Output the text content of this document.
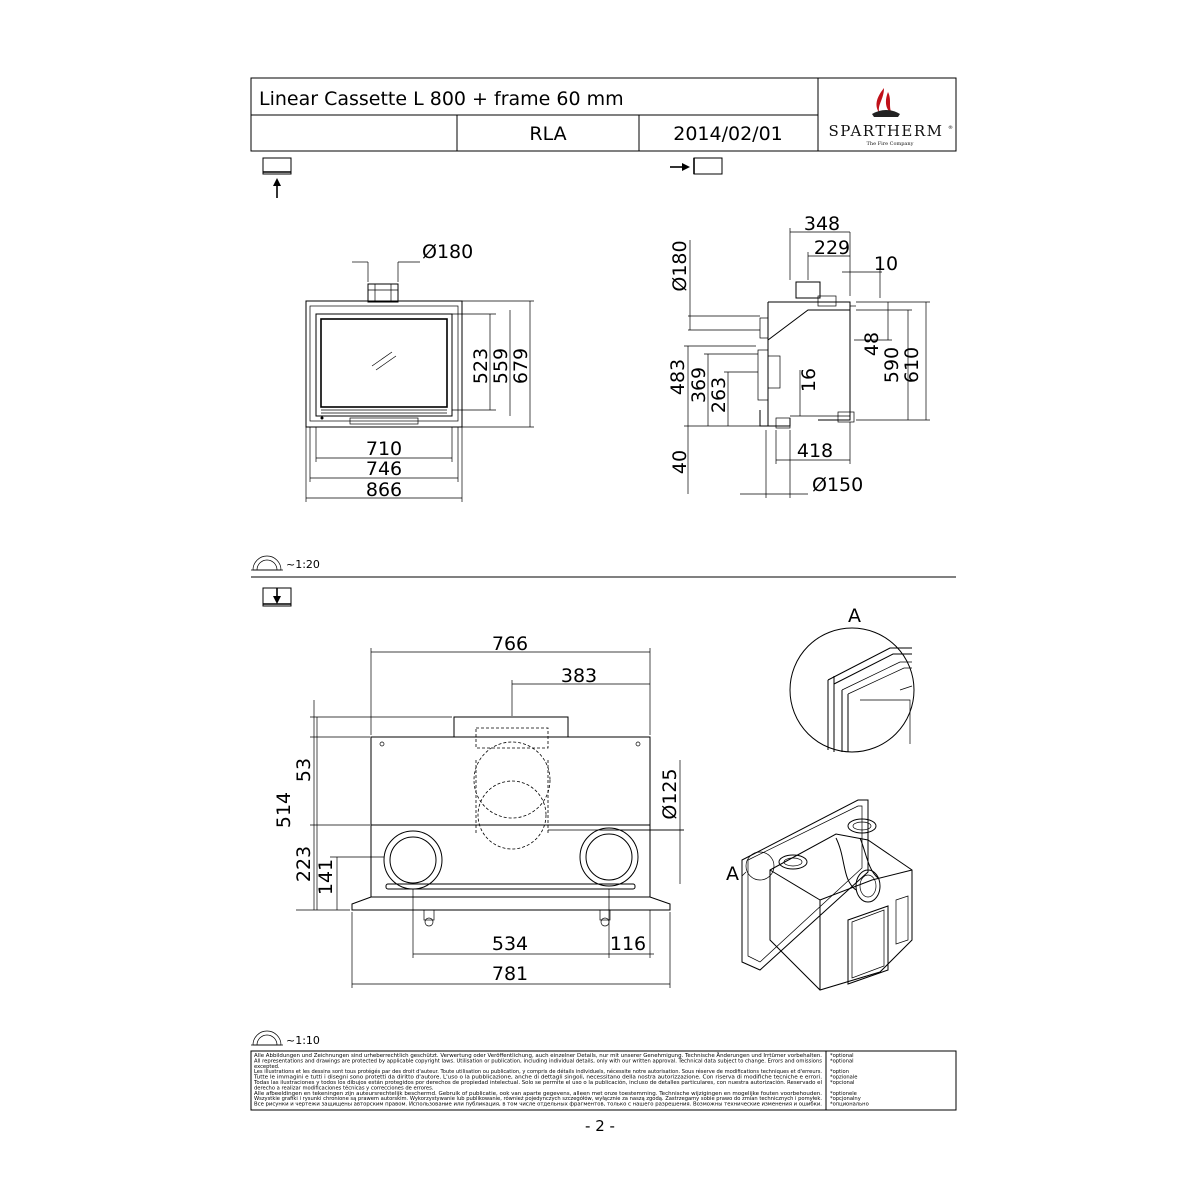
Linear Cassette L 800 + frame 60 mm
RLA	2014/02/01	SPARTHERM ®
The Fire Company
Ø180
523
559
679
710
746
866
348
229
10
Ø180
483 369
263	16
48
590
610
40	418
Ø150
~1:20
766
383
514
53
223 141
Ø125
534	116
781
A
A
~1:10
Alle Abbildungen und Zeichnungen sind urheberrechtlich geschützt. Verwertung oder Veröffentlichung, auch einzelner Details, nur mit unserer Genehmigung. Technische Änderungen und Irrtümer vorbehalten.
All representations and drawings are protected by applicable copyright laws. Utilisation or publication, including individual details, only with our written approval. Technical data subject to change. Errors and omissions
excepted.
Les illustrations et les dessins sont tous protégés par des droit d'auteur. Toute utilisation ou publication, y compris de détails individuels, nécessite notre autorisation. Sous réserve de modifications techniques et d'erreurs.
Tutte le immagini e tutti i disegni sono protetti da diritto d'autore. L'uso o la pubblicazione, anche di dettagli singoli, necessitano della nostra autorizzazione. Con riserva di modifiche tecniche e errori.
Todas las ilustraciones y todos los dibujos están protegidos por derechos de propiedad intelectual. Solo se permite el uso o la publicación, incluso de detalles particulares, con nuestra autorización. Reservado el
derecho a realizar modificaciones técnicas y correcciones de errores.
Alle afbeeldingen en tekeningen zijn auteursrechtelijk beschermd. Gebruik of publicatie, ook van aparte gegevens, alleen met onze toestemming. Technische wijzigingen en mogelijke fouten voorbehouden.
Wszystkie grafiki i rysunki chronione są prawem autorskim. Wykorzystywanie lub publikowanie, również pojedynczych szczegółów, wyłącznie za naszą zgodą. Zastrzegamy sobie prawo do zmian technicznych i pomyłek.
Все рисунки и чертежи защищены авторским правом. Использование или публикация, в том числе отдельных фрагментов, только с нашего разрешения. Возможны технические изменения и ошибки.
*optional
*optional
*option
*opzionale
*opcional
*optionele
*opcjonalny
*опционально
- 2 -
